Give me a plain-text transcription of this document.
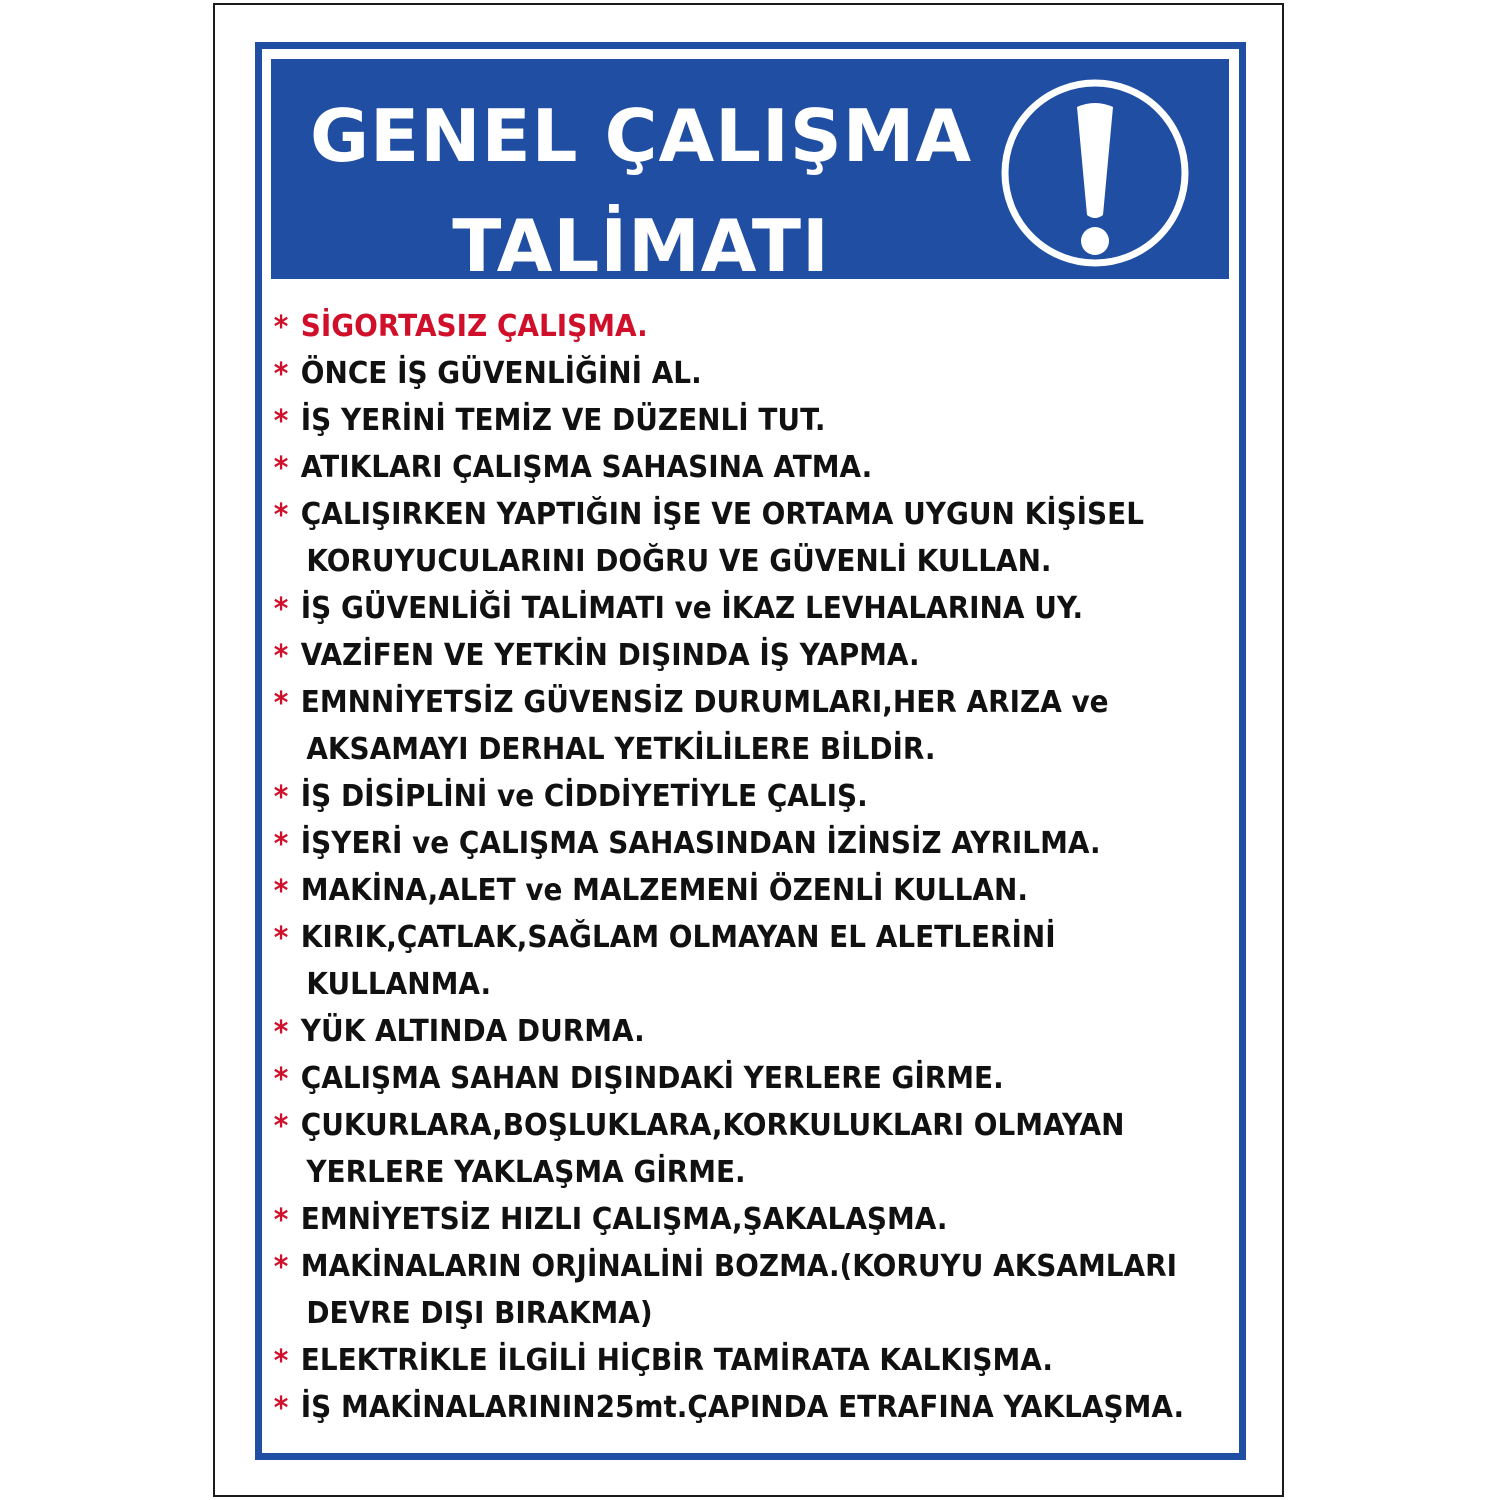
GENEL ÇALIŞMA
TALİMATI
* SİGORTASIZ ÇALIŞMA.
* ÖNCE İŞ GÜVENLİĞİNİ AL.
* İŞ YERİNİ TEMİZ VE DÜZENLİ TUT.
* ATIKLARI ÇALIŞMA SAHASINA ATMA.
* ÇALIŞIRKEN YAPTIĞIN İŞE VE ORTAMA UYGUN KİŞİSEL
KORUYUCULARINI DOĞRU VE GÜVENLİ KULLAN.
* İŞ GÜVENLİĞİ TALİMATI ve İKAZ LEVHALARINA UY.
* VAZİFEN VE YETKİN DIŞINDA İŞ YAPMA.
* EMNNİYETSİZ GÜVENSİZ DURUMLARI,HER ARIZA ve
AKSAMAYI DERHAL YETKİLİLERE BİLDİR.
* İŞ DİSİPLİNİ ve CİDDİYETİYLE ÇALIŞ.
* İŞYERİ ve ÇALIŞMA SAHASINDAN İZİNSİZ AYRILMA.
* MAKİNA,ALET ve MALZEMENİ ÖZENLİ KULLAN.
* KIRIK,ÇATLAK,SAĞLAM OLMAYAN EL ALETLERİNİ
KULLANMA.
* YÜK ALTINDA DURMA.
* ÇALIŞMA SAHAN DIŞINDAKİ YERLERE GİRME.
* ÇUKURLARA,BOŞLUKLARA,KORKULUKLARI OLMAYAN
YERLERE YAKLAŞMA GİRME.
* EMNİYETSİZ HIZLI ÇALIŞMA,ŞAKALAŞMA.
* MAKİNALARIN ORJİNALİNİ BOZMA.(KORUYU AKSAMLARI
DEVRE DIŞI BIRAKMA)
* ELEKTRİKLE İLGİLİ HİÇBİR TAMİRATA KALKIŞMA.
* İŞ MAKİNALARININ25mt.ÇAPINDA ETRAFINA YAKLAŞMA.
